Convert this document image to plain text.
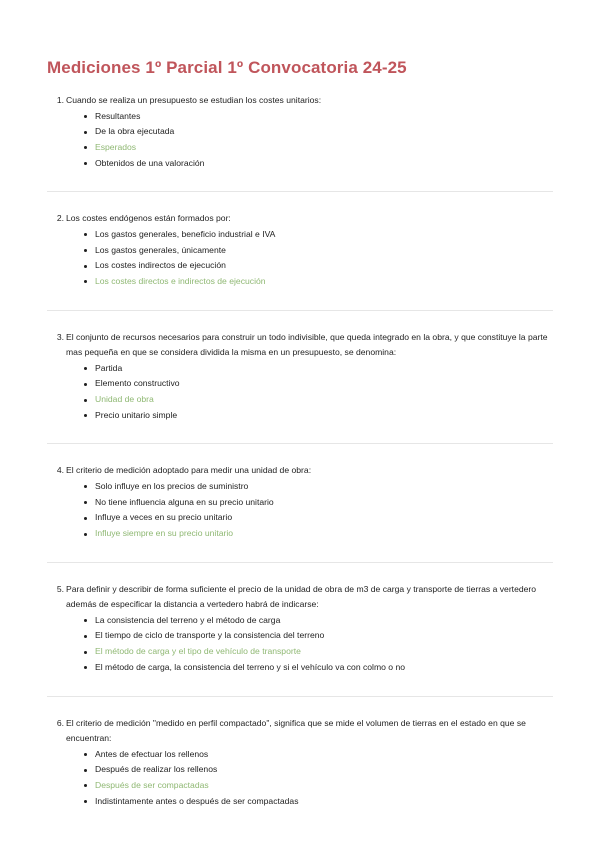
Mediciones 1º Parcial 1º Convocatoria 24-25
1. Cuando se realiza un presupuesto se estudian los costes unitarios:

Resultantes
De la obra ejecutada
Esperados
Obtenidos de una valoración
2. Los costes endógenos están formados por:

Los gastos generales, beneficio industrial e IVA
Los gastos generales, únicamente
Los costes indirectos de ejecución
Los costes directos e indirectos de ejecución
3. El conjunto de recursos necesarios para construir un todo indivisible, que queda integrado en la obra, y que constituye la parte mas pequeña en que se considera dividida la misma en un presupuesto, se denomina:

Partida
Elemento constructivo
Unidad de obra
Precio unitario simple
4. El criterio de medición adoptado para medir una unidad de obra:

Solo influye en los precios de suministro
No tiene influencia alguna en su precio unitario
Influye a veces en su precio unitario
Influye siempre en su precio unitario
5. Para definir y describir de forma suficiente el precio de la unidad de obra de m3 de carga y transporte de tierras a vertedero además de especificar la distancia a vertedero habrá de indicarse:

La consistencia del terreno y el método de carga
El tiempo de ciclo de transporte y la consistencia del terreno
El método de carga y el tipo de vehículo de transporte
El método de carga, la consistencia del terreno y si el vehículo va con colmo o no
6. El criterio de medición "medido en perfil compactado", significa que se mide el volumen de tierras en el estado en que se encuentran:

Antes de efectuar los rellenos
Después de realizar los rellenos
Después de ser compactadas
Indistintamente antes o después de ser compactadas
